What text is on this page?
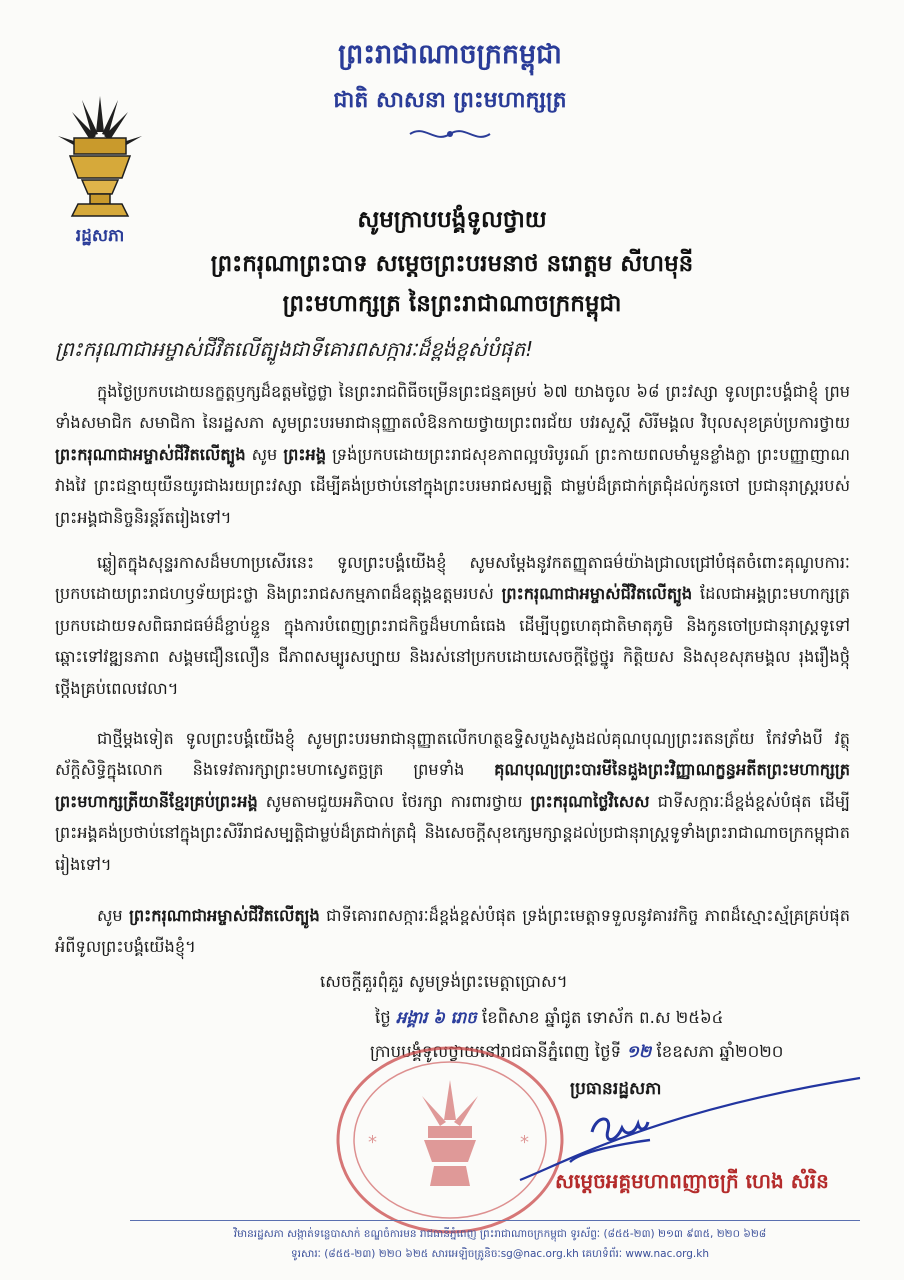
ព្រះរាជាណាចក្រកម្ពុជា
ជាតិ សាសនា ព្រះមហាក្សត្រ
រដ្ឋសភា
សូមក្រាបបង្គំទូលថ្វាយ
ព្រះករុណាព្រះបាទ សម្តេចព្រះបរមនាថ នរោត្តម សីហមុនី
ព្រះមហាក្សត្រ នៃព្រះរាជាណាចក្រកម្ពុជា
ព្រះករុណាជាអម្ចាស់ជីវិតលើត្បូងជាទីគោរពសក្ការៈដ៏ខ្ពង់ខ្ពស់បំផុត!
ក្នុងថ្ងៃប្រកបដោយនក្ខត្តឫក្សដ៏ឧត្តមថ្លៃថ្លា នៃព្រះរាជពិធីចម្រើនព្រះជន្មគម្រប់ ៦៧ យាងចូល ៦៨ ព្រះវស្សា ទូលព្រះបង្គំជាខ្ញុំ ព្រមទាំងសមាជិក សមាជិកា នៃរដ្ឋសភា សូមព្រះបរមរាជានុញ្ញាតលំឱនកាយថ្វាយព្រះពរជ័យ បវរសួស្តី សិរីមង្គល វិបុលសុខគ្រប់ប្រការថ្វាយ ព្រះករុណាជាអម្ចាស់ជីវិតលើត្បូង សូម ព្រះអង្គ ទ្រង់ប្រកបដោយព្រះរាជសុខភាពល្អបរិបូរណ៍ ព្រះកាយពលមាំមួនខ្លាំងក្លា ព្រះបញ្ញាញាណវាងវៃ ព្រះជន្មាយុយឺនយូរជាងរយព្រះវស្សា ដើម្បីគង់ប្រថាប់នៅក្នុងព្រះបរមរាជសម្បត្តិ ជាម្លប់ដ៏ត្រជាក់ត្រជុំដល់កូនចៅ ប្រជានុរាស្ត្ររបស់ព្រះអង្គជានិច្ចនិរន្តរ៍តរៀងទៅ។
ឆ្លៀតក្នុងសុន្ទរកាសដ៏មហាប្រសើរនេះ ទូលព្រះបង្គំយើងខ្ញុំ សូមសម្តែងនូវកតញ្ញុតាធម៌យ៉ាងជ្រាលជ្រៅបំផុតចំពោះគុណូបការៈប្រកបដោយព្រះរាជហឫទ័យជ្រះថ្លា និងព្រះរាជសកម្មភាពដ៏ឧត្តុង្គឧត្តមរបស់ ព្រះករុណាជាអម្ចាស់ជីវិតលើត្បូង ដែលជាអង្គព្រះមហាក្សត្រប្រកបដោយទសពិធរាជធម៌ដ៏ខ្ជាប់ខ្ជួន ក្នុងការបំពេញព្រះរាជកិច្ចដ៏មហាធំធេង ដើម្បីបុព្វហេតុជាតិមាតុភូមិ និងកូនចៅប្រជានុរាស្ត្រទូទៅ ឆ្ពោះទៅវឌ្ឍនភាព សង្គមជឿនលឿន ជីភាពសម្បូរសប្បាយ និងរស់នៅប្រកបដោយសេចក្តីថ្លៃថ្នូរ កិត្តិយស និងសុខសុភមង្គល រុងរឿងថ្កុំថ្កើងគ្រប់ពេលវេលា។
ជាថ្មីម្តងទៀត ទូលព្រះបង្គំយើងខ្ញុំ សូមព្រះបរមរាជានុញ្ញាតលើកហត្ថឧទ្ទិសបួងសួងដល់គុណបុណ្យព្រះរតនត្រ័យ កែវទាំងបី វត្ថុស័ក្តិសិទ្ធិក្នុងលោក និងទេវតារក្សាព្រះមហាស្វេតច្ឆត្រ ព្រមទាំង គុណបុណ្យព្រះបារមីនៃដួងព្រះវិញ្ញាណក្ខន្ធអតីតព្រះមហាក្សត្រ ព្រះមហាក្សត្រីយានីខ្មែរគ្រប់ព្រះអង្គ សូមតាមជួយអភិបាល ថែរក្សា ការពារថ្វាយ ព្រះករុណាថ្លៃវិសេស ជាទីសក្ការៈដ៏ខ្ពង់ខ្ពស់បំផុត ដើម្បីព្រះអង្គគង់ប្រថាប់នៅក្នុងព្រះសិរីរាជសម្បត្តិជាម្លប់ដ៏ត្រជាក់ត្រជុំ និងសេចក្តីសុខក្សេមក្សាន្តដល់ប្រជានុរាស្ត្រទូទាំងព្រះរាជាណាចក្រកម្ពុជាតរៀងទៅ។
សូម ព្រះករុណាជាអម្ចាស់ជីវិតលើត្បូង ជាទីគោរពសក្ការៈដ៏ខ្ពង់ខ្ពស់បំផុត ទ្រង់ព្រះមេត្តាទទួលនូវគារវកិច្ច ភាពដ៏ស្មោះស្ម័គ្រគ្រប់ផុតអំពីទូលព្រះបង្គំយើងខ្ញុំ។
សេចក្តីគួរពុំគួរ សូមទ្រង់ព្រះមេត្តាប្រោស។
ថ្ងៃ អង្គារ ៦ រោច ខែពិសាខ ឆ្នាំជូត ទោស័ក ព.ស ២៥៦៤
ក្រាបបង្គំទូលថ្វាយនៅរាជធានីភ្នំពេញ ថ្ងៃទី ១២ ខែឧសភា ឆ្នាំ២០២០
*	*
ប្រធានរដ្ឋសភា
សម្តេចអគ្គមហាពញាចក្រី ហេង សំរិន
វិមានរដ្ឋសភា សង្កាត់ទន្លេបាសាក់ ខណ្ឌចំការមន រាជធានីភ្នំពេញ ព្រះរាជាណាចក្រកម្ពុជា ទូរស័ព្ទៈ (៨៥៥-២៣) ២១៣ ៩៣៥, ២២០ ៦២៨
ទូរសារៈ (៨៥៥-២៣) ២២០ ៦២៥ សារអេឡិចត្រូនិចៈsg@nac.org.kh គេហទំព័រៈ www.nac.org.kh
